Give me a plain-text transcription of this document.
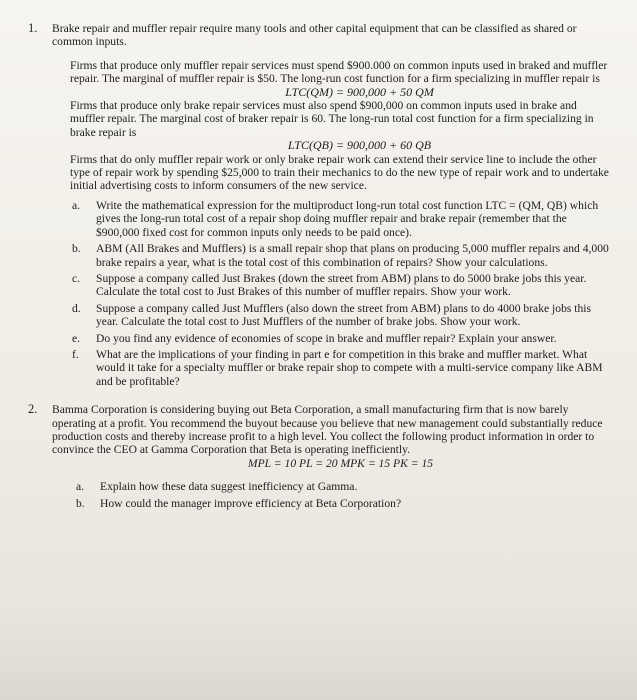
1.	Brake repair and muffler repair require many tools and other capital equipment that can be classified as shared or common inputs.

Firms that produce only muffler repair services must spend $900.000 on common inputs used in braked and muffler repair. The marginal of muffler repair is $50. The long-run cost function for a firm specializing in muffler repair is

LTC(QM) = 900,000 + 50 QM

Firms that produce only brake repair services must also spend $900,000 on common inputs used in brake and muffler repair. The marginal cost of braker repair is 60. The long-run total cost function for a firm specializing in brake repair is

LTC(QB) = 900,000 + 60 QB

Firms that do only muffler repair work or only brake repair work can extend their service line to include the other type of repair work by spending $25,000 to train their mechanics to do the new type of repair work and to undertake initial advertising costs to inform consumers of the new service.

a.	Write the mathematical expression for the multiproduct long-run total cost function LTC = (QM, QB) which gives the long-run total cost of a repair shop doing muffler repair and brake repair (remember that the $900,000 fixed cost for common inputs only needs to be paid once).
b.	ABM (All Brakes and Mufflers) is a small repair shop that plans on producing 5,000 muffler repairs and 4,000 brake repairs a year, what is the total cost of this combination of repairs? Show your calculations.
c.	Suppose a company called Just Brakes (down the street from ABM) plans to do 5000 brake jobs this year. Calculate the total cost to Just Brakes of this number of muffler repairs. Show your work.
d.	Suppose a company called Just Mufflers (also down the street from ABM) plans to do 4000 brake jobs this year. Calculate the total cost to Just Mufflers of the number of brake jobs. Show your work.
e.	Do you find any evidence of economies of scope in brake and muffler repair? Explain your answer.
f.	What are the implications of your finding in part e for competition in this brake and muffler market. What would it take for a specialty muffler or brake repair shop to compete with a multi-service company like ABM and be profitable?
2.	Bamma Corporation is considering buying out Beta Corporation, a small manufacturing firm that is now barely operating at a profit. You recommend the buyout because you believe that new management could substantially reduce production costs and thereby increase profit to a high level. You collect the following product information in order to convince the CEO at Gamma Corporation that Beta is operating inefficiently.

MPL = 10 PL = 20 MPK = 15 PK = 15

a.	Explain how these data suggest inefficiency at Gamma.
b.	How could the manager improve efficiency at Beta Corporation?
